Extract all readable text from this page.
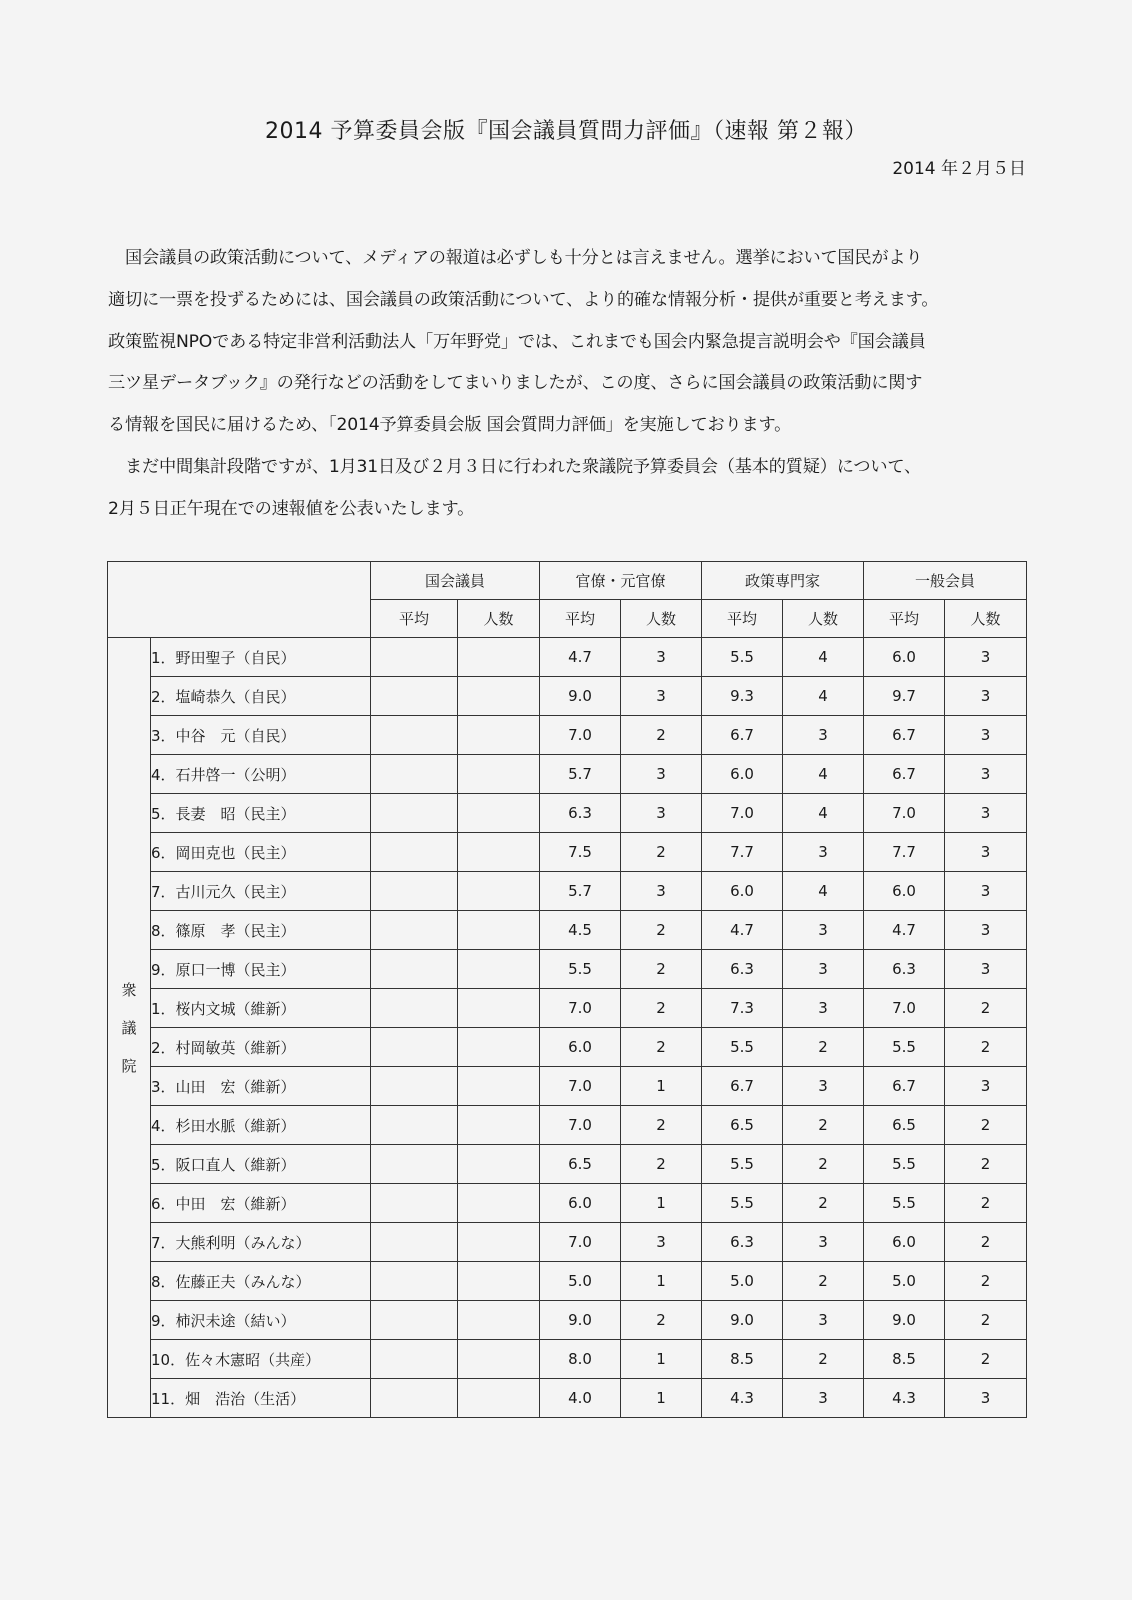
2014 予算委員会版『国会議員質問力評価』（速報 第２報）
2014 年２月５日

　国会議員の政策活動について、メディアの報道は必ずしも十分とは言えません。選挙において国民がより
適切に一票を投ずるためには、国会議員の政策活動について、より的確な情報分析・提供が重要と考えます。
政策監視NPOである特定非営利活動法人「万年野党」では、これまでも国会内緊急提言説明会や『国会議員
三ツ星データブック』の発行などの活動をしてまいりましたが、この度、さらに国会議員の政策活動に関す
る情報を国民に届けるため、「2014予算委員会版 国会質問力評価」を実施しております。

　まだ中間集計段階ですが、1月31日及び２月３日に行われた衆議院予算委員会（基本的質疑）について、
2月５日正午現在での速報値を公表いたします。

		国会議員		官僚・元官僚		政策専門家		一般会員	
		平均	人数	平均	人数	平均	人数	平均	人数

衆
議
院	1．野田聖子（自民）			4.7	3	5.5	4	6.0	3
	2．塩崎恭久（自民）			9.0	3	9.3	4	9.7	3
	3．中谷　元（自民）			7.0	2	6.7	3	6.7	3
	4．石井啓一（公明）			5.7	3	6.0	4	6.7	3
	5．長妻　昭（民主）			6.3	3	7.0	4	7.0	3
	6．岡田克也（民主）			7.5	2	7.7	3	7.7	3
	7．古川元久（民主）			5.7	3	6.0	4	6.0	3
	8．篠原　孝（民主）			4.5	2	4.7	3	4.7	3
	9．原口一博（民主）			5.5	2	6.3	3	6.3	3
	1．桜内文城（維新）			7.0	2	7.3	3	7.0	2
	2．村岡敏英（維新）			6.0	2	5.5	2	5.5	2
	3．山田　宏（維新）			7.0	1	6.7	3	6.7	3
	4．杉田水脈（維新）			7.0	2	6.5	2	6.5	2
	5．阪口直人（維新）			6.5	2	5.5	2	5.5	2
	6．中田　宏（維新）			6.0	1	5.5	2	5.5	2
	7．大熊利明（みんな）			7.0	3	6.3	3	6.0	2
	8．佐藤正夫（みんな）			5.0	1	5.0	2	5.0	2
	9．柿沢未途（結い）			9.0	2	9.0	3	9.0	2
	10．佐々木憲昭（共産）			8.0	1	8.5	2	8.5	2
	11．畑　浩治（生活）			4.0	1	4.3	3	4.3	3
